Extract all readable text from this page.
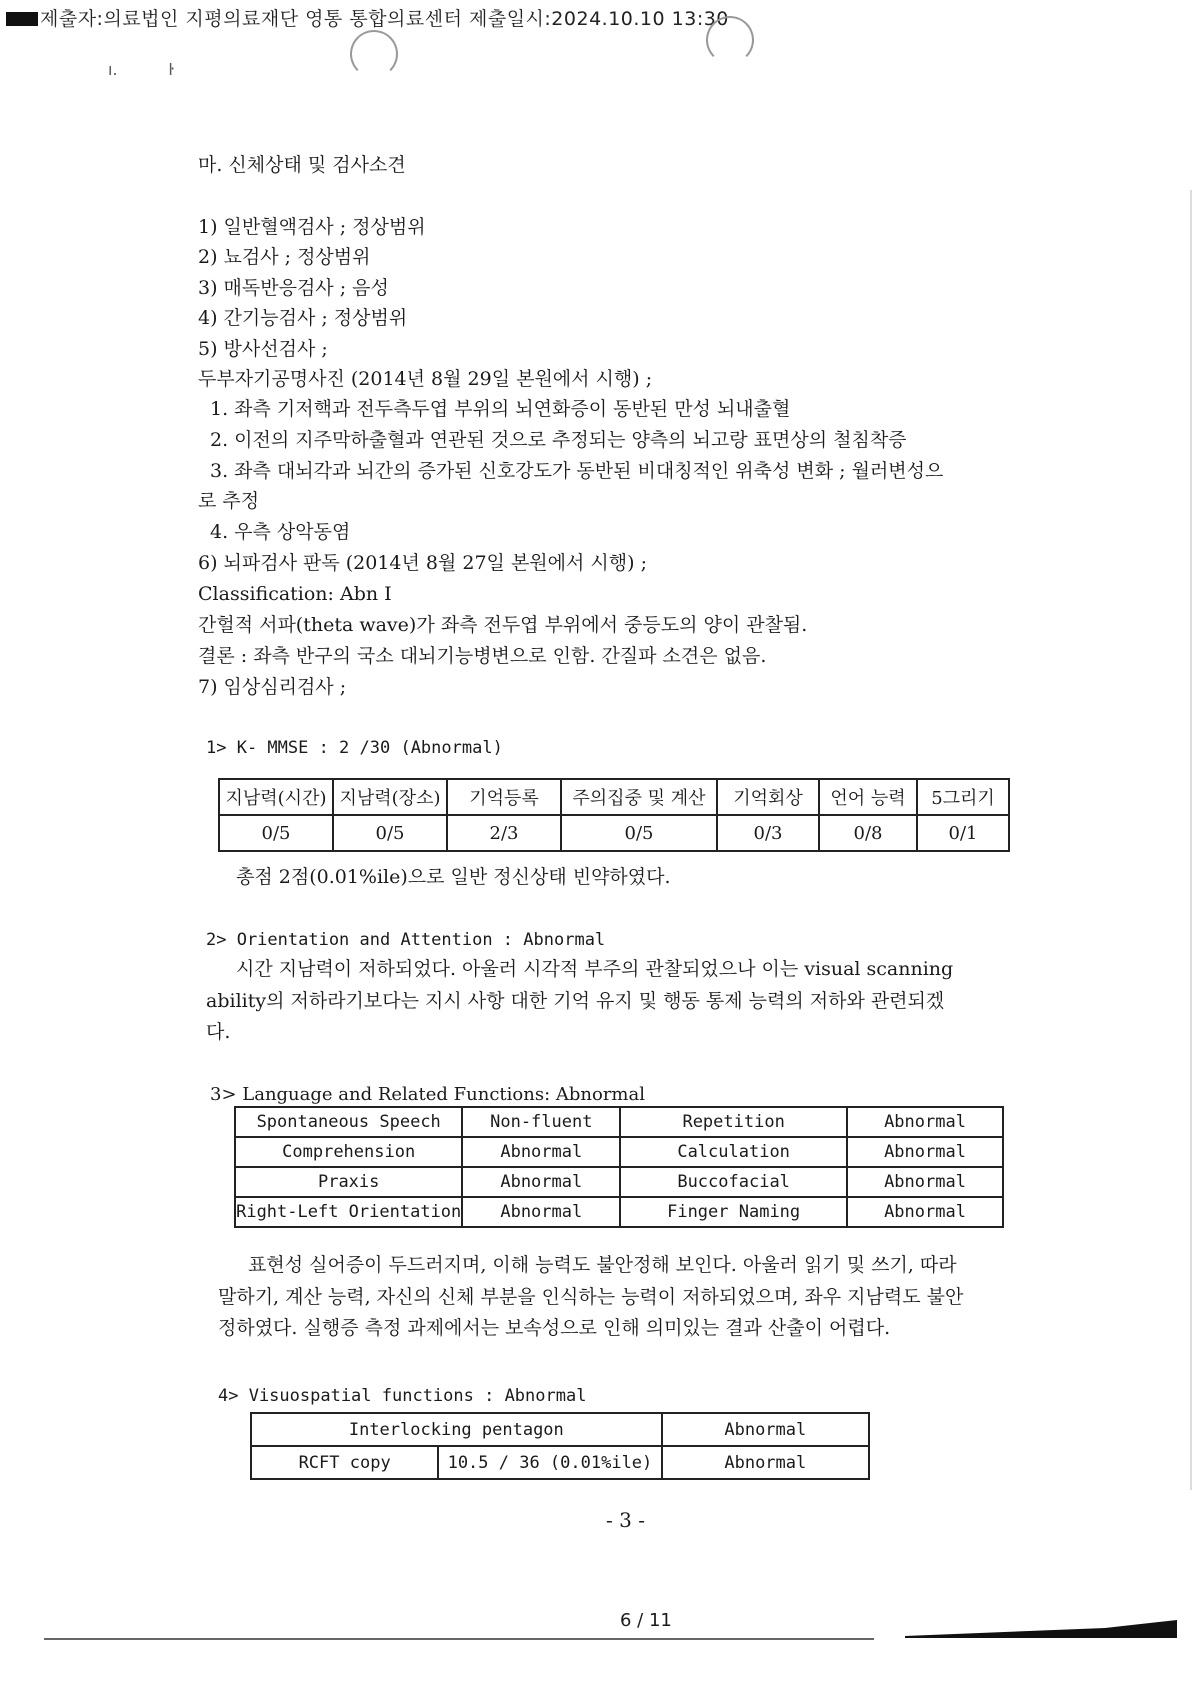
제출자:의료법인 지평의료재단 영통 통합의료센터 제출일시:2024.10.10 13:30
ı.          ŀ
마. 신체상태 및 검사소견
1) 일반혈액검사 ; 정상범위
2) 뇨검사 ; 정상범위
3) 매독반응검사 ; 음성
4) 간기능검사 ; 정상범위
5) 방사선검사 ;
두부자기공명사진 (2014년 8월 29일 본원에서 시행) ;
1. 좌측 기저핵과 전두측두엽 부위의 뇌연화증이 동반된 만성 뇌내출혈
2. 이전의 지주막하출혈과 연관된 것으로 추정되는 양측의 뇌고랑 표면상의 철침착증
3. 좌측 대뇌각과 뇌간의 증가된 신호강도가 동반된 비대칭적인 위축성 변화 ; 월러변성으
로 추정
4. 우측 상악동염
6) 뇌파검사 판독 (2014년 8월 27일 본원에서 시행) ;
Classification: Abn I
간헐적 서파(theta wave)가 좌측 전두엽 부위에서 중등도의 양이 관찰됨.
결론 : 좌측 반구의 국소 대뇌기능병변으로 인함. 간질파 소견은 없음.
7) 임상심리검사 ;
1> K- MMSE : 2 /30 (Abnormal)
지남력(시간)	지남력(장소)	기억등록	주의집중 및 계산	기억회상	언어 능력	5그리기
0/5	0/5	2/3	0/5	0/3	0/8	0/1
총점 2점(0.01%ile)으로 일반 정신상태 빈약하였다.
2> Orientation and Attention : Abnormal
시간 지남력이 저하되었다. 아울러 시각적 부주의 관찰되었으나 이는 visual scanning
ability의 저하라기보다는 지시 사항 대한 기억 유지 및 행동 통제 능력의 저하와 관련되겠
다.
3> Language and Related Functions: Abnormal
Spontaneous Speech	Non-fluent	Repetition	Abnormal
Comprehension	Abnormal	Calculation	Abnormal
Praxis	Abnormal	Buccofacial	Abnormal
Right-Left Orientation	Abnormal	Finger Naming	Abnormal
표현성 실어증이 두드러지며, 이해 능력도 불안정해 보인다. 아울러 읽기 및 쓰기, 따라
말하기, 계산 능력, 자신의 신체 부분을 인식하는 능력이 저하되었으며, 좌우 지남력도 불안
정하였다. 실행증 측정 과제에서는 보속성으로 인해 의미있는 결과 산출이 어렵다.
4> Visuospatial functions : Abnormal
Interlocking pentagon		Abnormal
RCFT copy	10.5 / 36 (0.01%ile)	Abnormal
- 3 -
6 / 11
